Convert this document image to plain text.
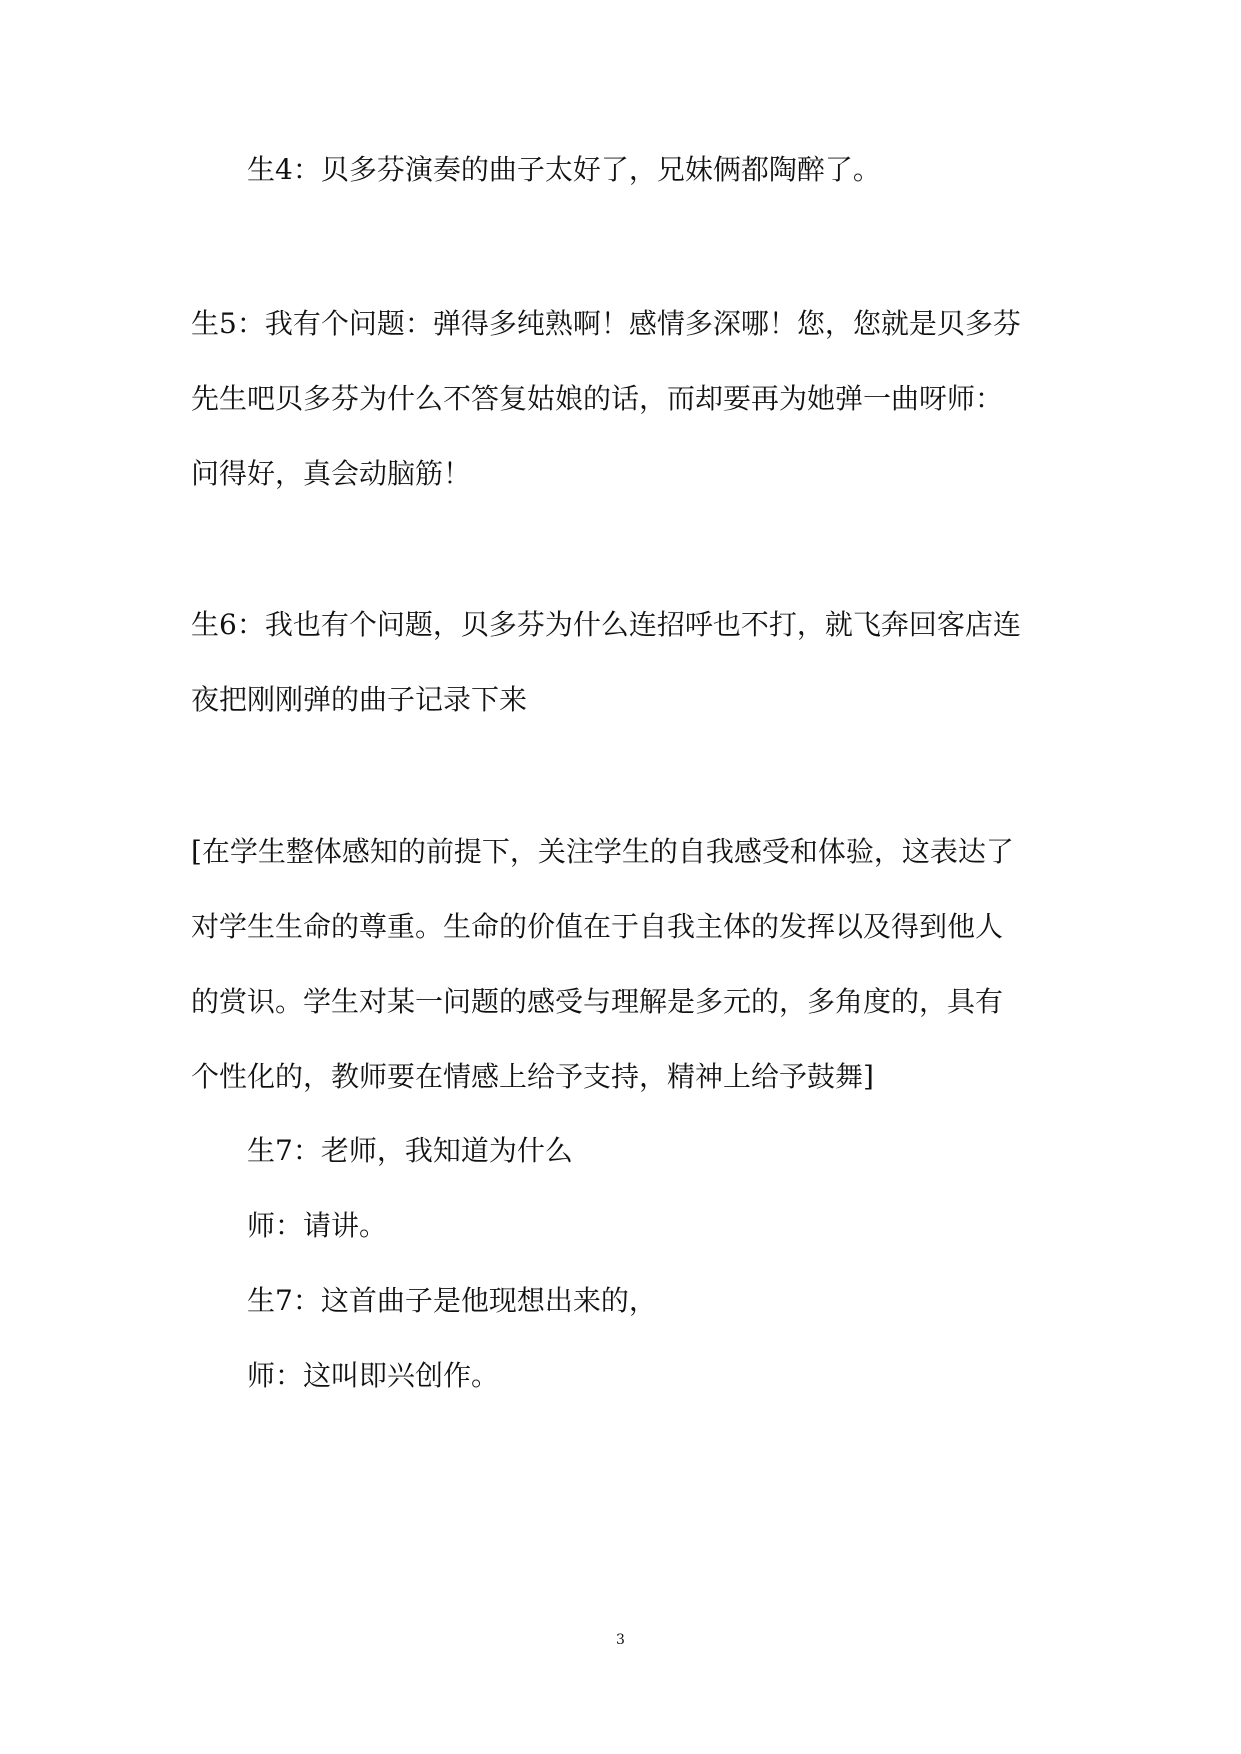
生4：贝多芬演奏的曲子太好了，兄妹俩都陶醉了。

生5：我有个问题：弹得多纯熟啊！感情多深哪！您，您就是贝多芬

先生吧贝多芬为什么不答复姑娘的话，而却要再为她弹一曲呀师：

问得好，真会动脑筋！

生6：我也有个问题，贝多芬为什么连招呼也不打，就飞奔回客店连

夜把刚刚弹的曲子记录下来

[在学生整体感知的前提下，关注学生的自我感受和体验，这表达了

对学生生命的尊重。生命的价值在于自我主体的发挥以及得到他人

的赏识。学生对某一问题的感受与理解是多元的，多角度的，具有

个性化的，教师要在情感上给予支持，精神上给予鼓舞]

生7：老师，我知道为什么

师：请讲。

生7：这首曲子是他现想出来的，

师：这叫即兴创作。

3
